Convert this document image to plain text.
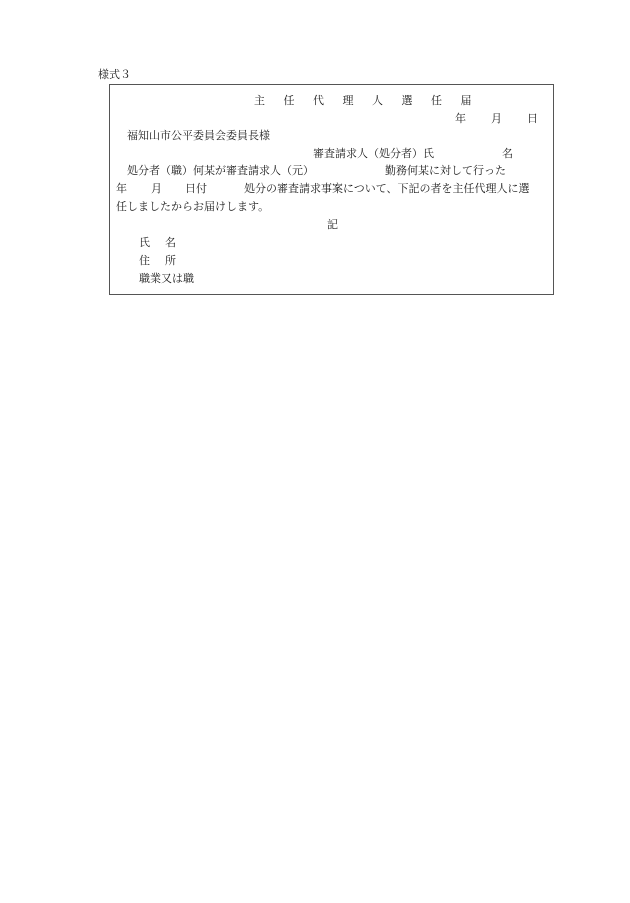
様式３
主 任 代 理 人 選 任 届
年 月 日
福知山市公平委員会委員長様
審査請求人（処分者）氏	名
処分者（職）何某が審査請求人（元）	勤務何某に対して行った
年 月 日付	処分の審査請求事案について、下記の者を主任代理人に選
任しましたからお届けします。
記
氏　名
住　所
職業又は職
